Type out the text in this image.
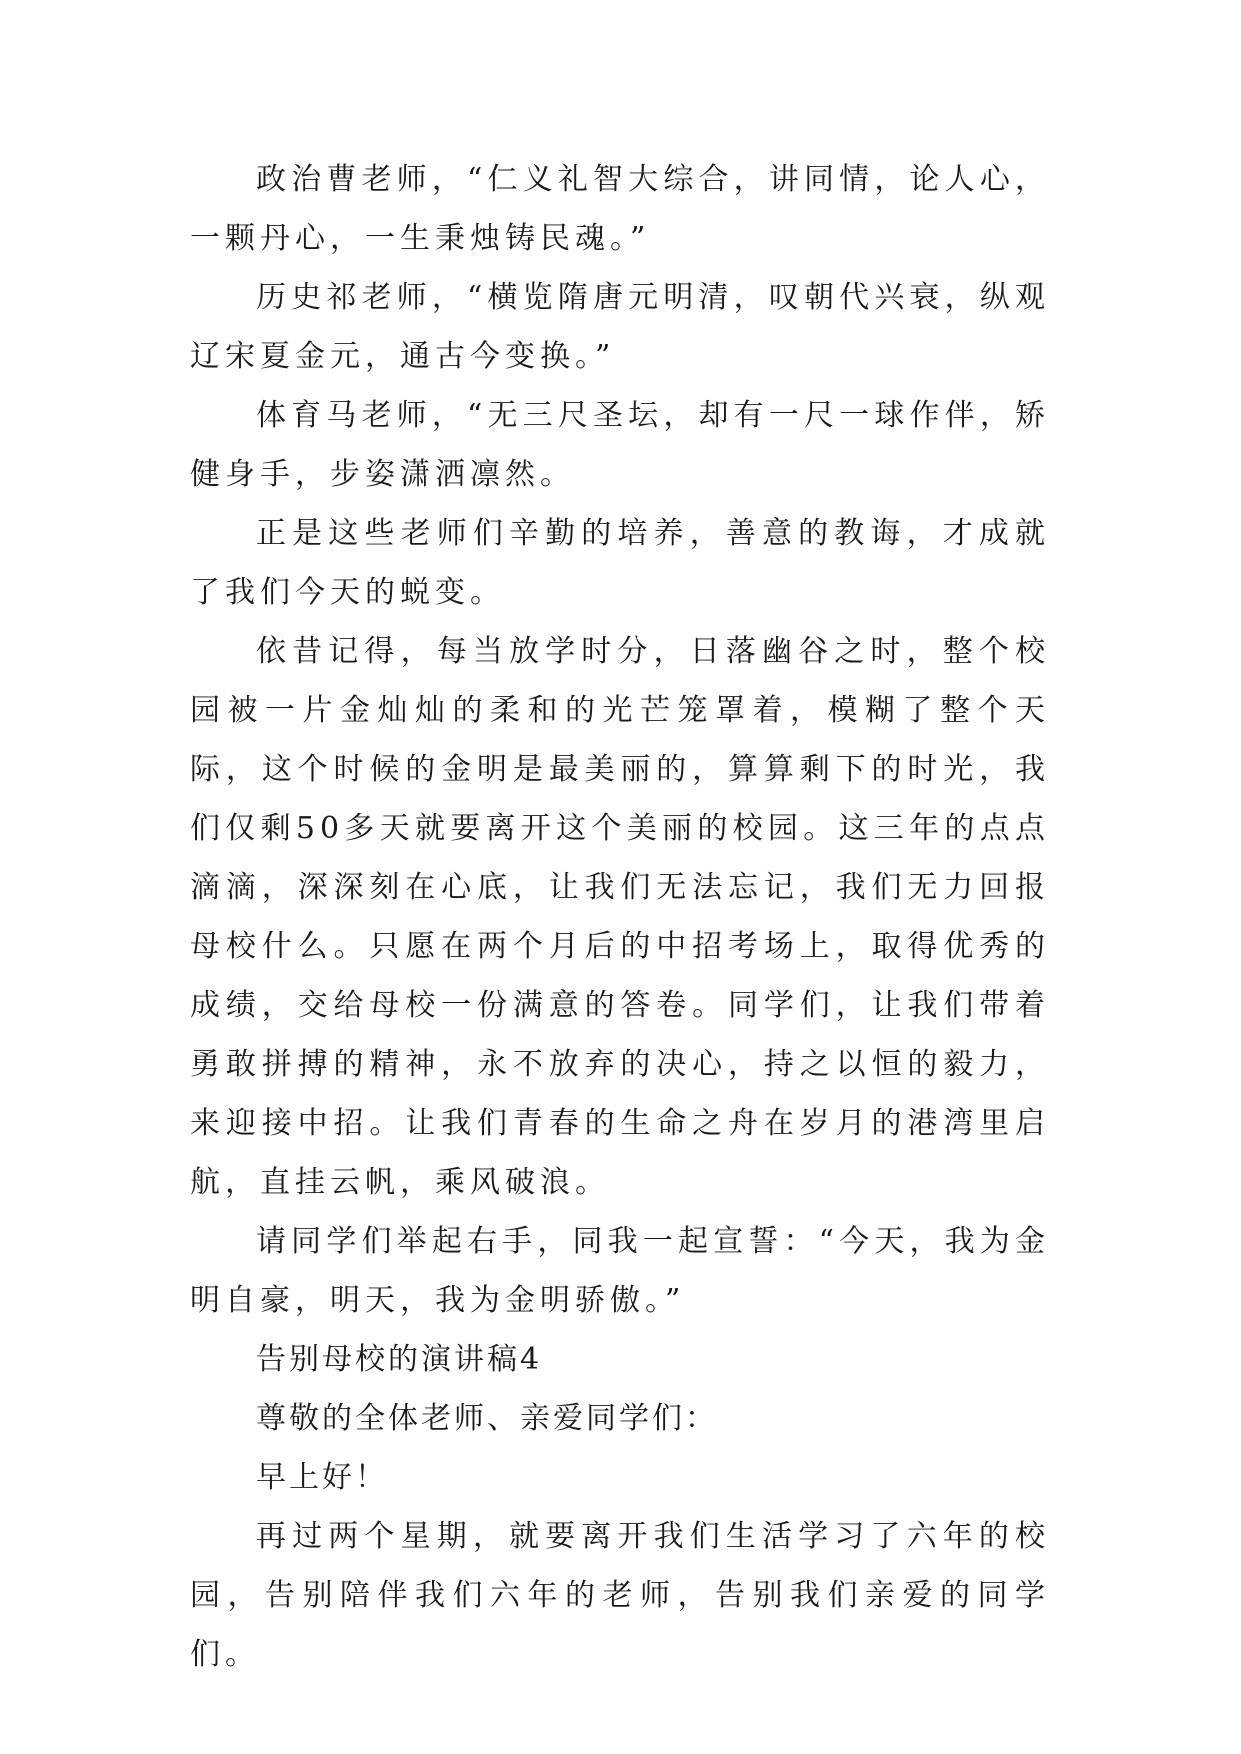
政治曹老师，“仁义礼智大综合，讲同情，论人心，一颗丹心，一生秉烛铸民魂。”

历史祁老师，“横览隋唐元明清，叹朝代兴衰，纵观辽宋夏金元，通古今变换。”

体育马老师，“无三尺圣坛，却有一尺一球作伴，矫健身手，步姿潇洒凛然。

正是这些老师们辛勤的培养，善意的教诲，才成就了我们今天的蜕变。

依昔记得，每当放学时分，日落幽谷之时，整个校园被一片金灿灿的柔和的光芒笼罩着，模糊了整个天际，这个时候的金明是最美丽的，算算剩下的时光，我们仅剩50多天就要离开这个美丽的校园。这三年的点点滴滴，深深刻在心底，让我们无法忘记，我们无力回报母校什么。只愿在两个月后的中招考场上，取得优秀的成绩，交给母校一份满意的答卷。同学们，让我们带着勇敢拼搏的精神，永不放弃的决心，持之以恒的毅力，来迎接中招。让我们青春的生命之舟在岁月的港湾里启航，直挂云帆，乘风破浪。

请同学们举起右手，同我一起宣誓：“今天，我为金明自豪，明天，我为金明骄傲。”

告别母校的演讲稿4

尊敬的全体老师、亲爱同学们：

早上好！

再过两个星期，就要离开我们生活学习了六年的校园，告别陪伴我们六年的老师，告别我们亲爱的同学们。
